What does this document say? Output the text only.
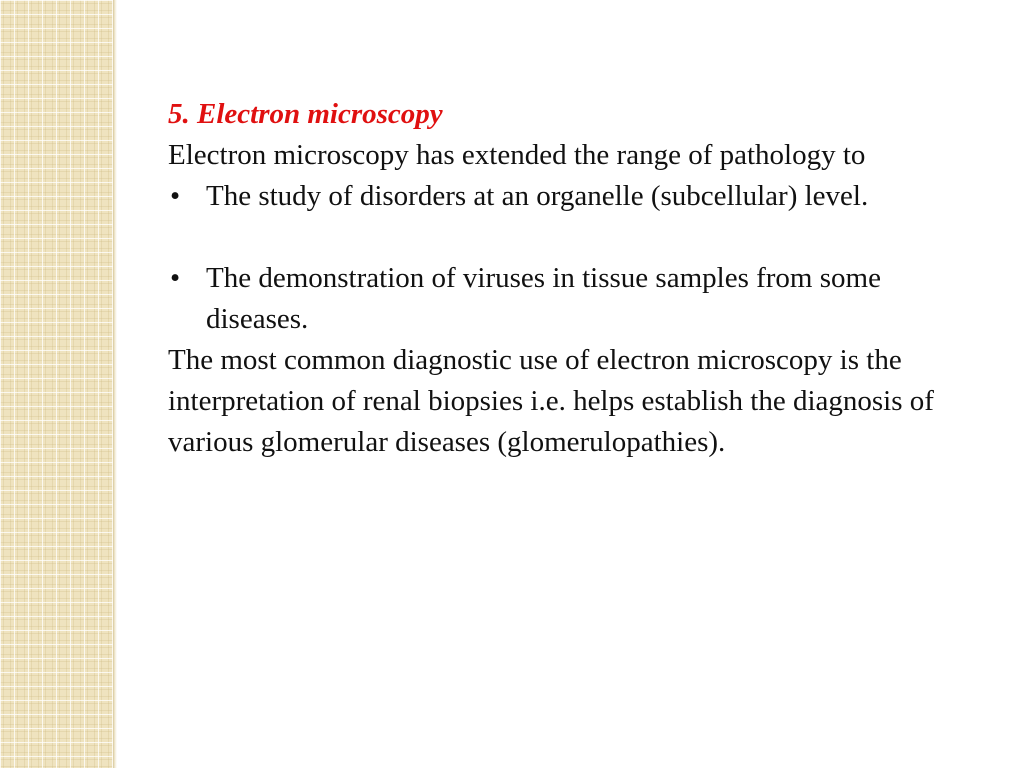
5. Electron microscopy

Electron microscopy has extended the range of pathology to

• The study of disorders at an organelle (subcellular) level.
• The demonstration of viruses in tissue samples from some diseases.

The most common diagnostic use of electron microscopy is the interpretation of renal biopsies i.e. helps establish the diagnosis of various glomerular diseases (glomerulopathies).
